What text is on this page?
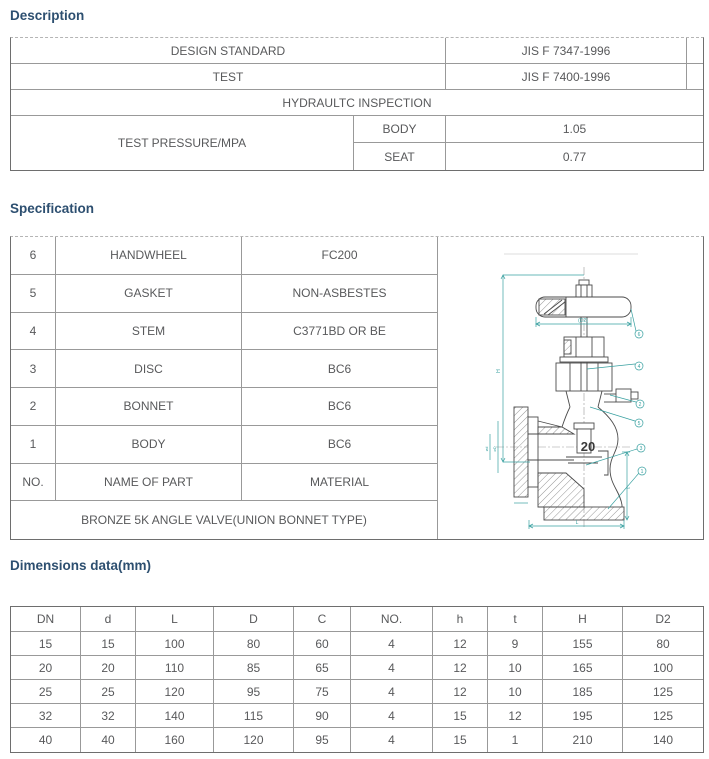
Description
DESIGN STANDARD		JIS F 7347-1996	
TEST		JIS F 7400-1996	
HYDRAULTC INSPECTION			
TEST PRESSURE/MPA	BODY	1.05	
	SEAT	0.77	
Specification
6	HANDWHEEL	FC200	
20
H
(D2)
L
t
øD
ød
6
4
2
5
3
1

5	GASKET	NON-ASBESTES	
4	STEM	C3771BD OR BE	
3	DISC	BC6	
2	BONNET	BC6	
1	BODY	BC6	
NO.	NAME OF PART	MATERIAL	
BRONZE 5K ANGLE VALVE(UNION BONNET TYPE)			
Dimensions data(mm)
DN	d	L	D	C	NO.	h	t	H	D2
15	15	100	80	60	4	12	9	155	80
20	20	110	85	65	4	12	10	165	100
25	25	120	95	75	4	12	10	185	125
32	32	140	115	90	4	15	12	195	125
40	40	160	120	95	4	15	1	210	140
